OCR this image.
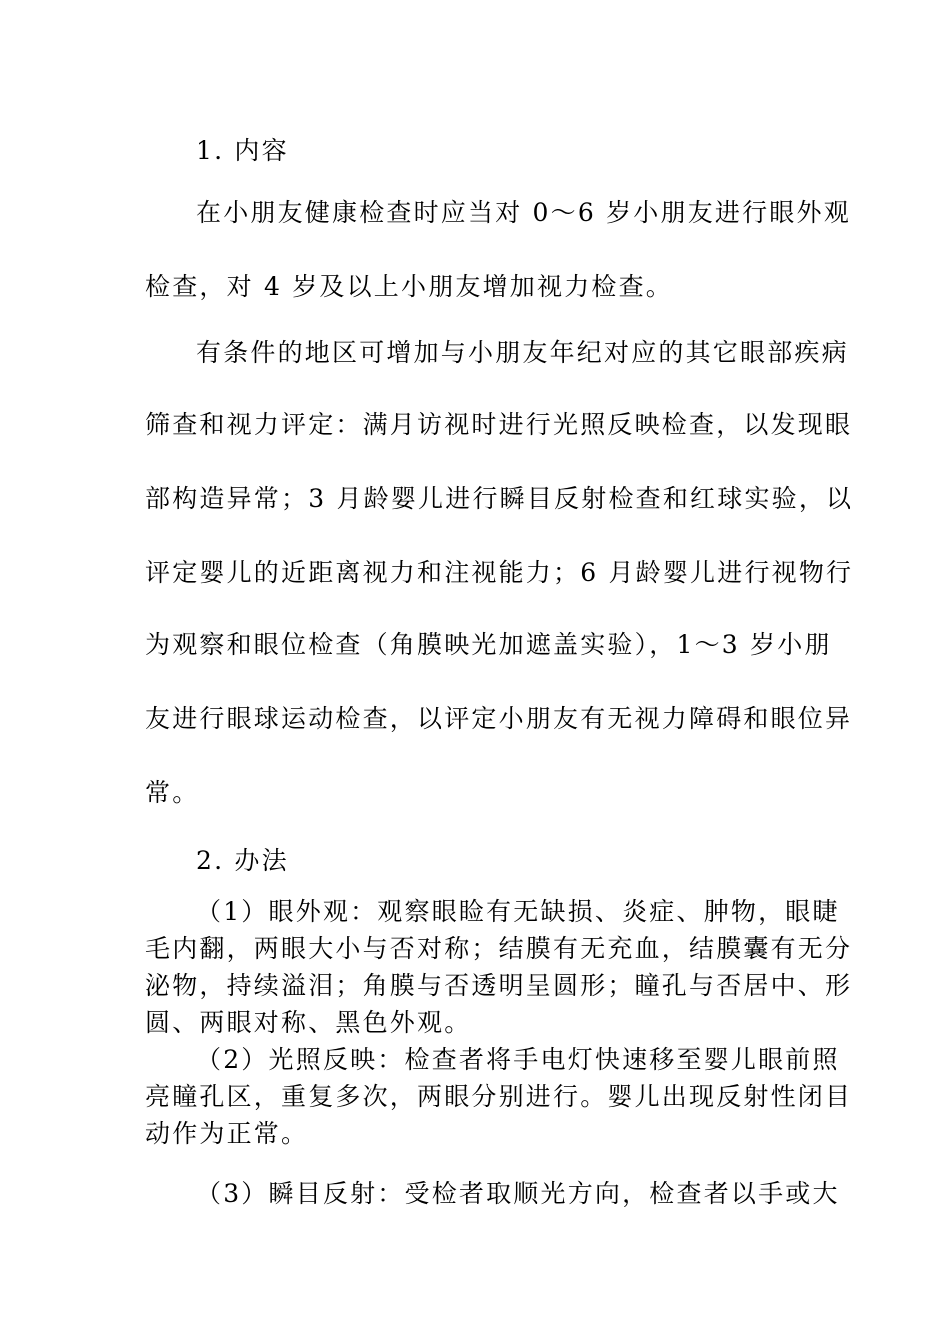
1. 内容
在小朋友健康检查时应当对 0～6 岁小朋友进行眼外观
检查，对 4 岁及以上小朋友增加视力检查。
有条件的地区可增加与小朋友年纪对应的其它眼部疾病
筛查和视力评定：满月访视时进行光照反映检查，以发现眼
部构造异常；3 月龄婴儿进行瞬目反射检查和红球实验，以
评定婴儿的近距离视力和注视能力；6 月龄婴儿进行视物行
为观察和眼位检查（角膜映光加遮盖实验），1～3 岁小朋
友进行眼球运动检查，以评定小朋友有无视力障碍和眼位异
常。
2. 办法
（1）眼外观：观察眼睑有无缺损、炎症、肿物，眼睫
毛内翻，两眼大小与否对称；结膜有无充血，结膜囊有无分
泌物，持续溢泪；角膜与否透明呈圆形；瞳孔与否居中、形
圆、两眼对称、黑色外观。
（2）光照反映：检查者将手电灯快速移至婴儿眼前照
亮瞳孔区，重复多次，两眼分别进行。婴儿出现反射性闭目
动作为正常。
（3）瞬目反射：受检者取顺光方向，检查者以手或大
